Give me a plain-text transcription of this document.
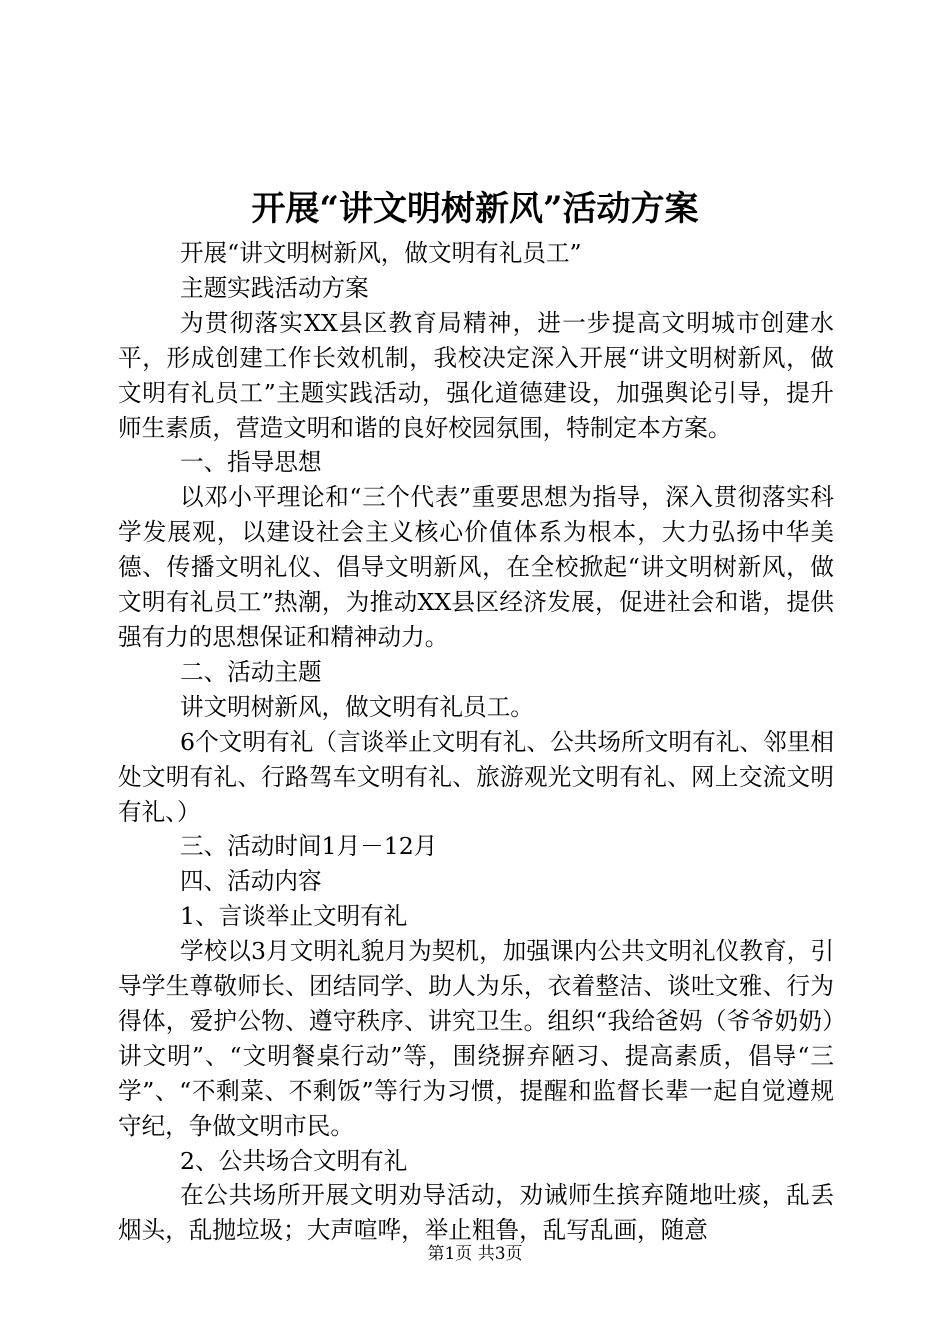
开展“讲文明树新风”活动方案

开展“讲文明树新风，做文明有礼员工”

主题实践活动方案

为贯彻落实XX县区教育局精神，进一步提高文明城市创建水平，形成创建工作长效机制，我校决定深入开展“讲文明树新风，做文明有礼员工”主题实践活动，强化道德建设，加强舆论引导，提升师生素质，营造文明和谐的良好校园氛围，特制定本方案。

一、指导思想

以邓小平理论和“三个代表”重要思想为指导，深入贯彻落实科学发展观，以建设社会主义核心价值体系为根本，大力弘扬中华美德、传播文明礼仪、倡导文明新风，在全校掀起“讲文明树新风，做文明有礼员工”热潮，为推动XX县区经济发展，促进社会和谐，提供强有力的思想保证和精神动力。

二、活动主题

讲文明树新风，做文明有礼员工。

6个文明有礼（言谈举止文明有礼、公共场所文明有礼、邻里相处文明有礼、行路驾车文明有礼、旅游观光文明有礼、网上交流文明有礼、）

三、活动时间1月－12月

四、活动内容

1、言谈举止文明有礼

学校以3月文明礼貌月为契机，加强课内公共文明礼仪教育，引导学生尊敬师长、团结同学、助人为乐，衣着整洁、谈吐文雅、行为得体，爱护公物、遵守秩序、讲究卫生。组织“我给爸妈（爷爷奶奶）讲文明”、“文明餐桌行动”等，围绕摒弃陋习、提高素质，倡导“三学”、“不剩菜、不剩饭”等行为习惯，提醒和监督长辈一起自觉遵规守纪，争做文明市民。

2、公共场合文明有礼

在公共场所开展文明劝导活动，劝诫师生摈弃随地吐痰，乱丢烟头，乱抛垃圾；大声喧哗，举止粗鲁，乱写乱画，随意

第1页 共3页
